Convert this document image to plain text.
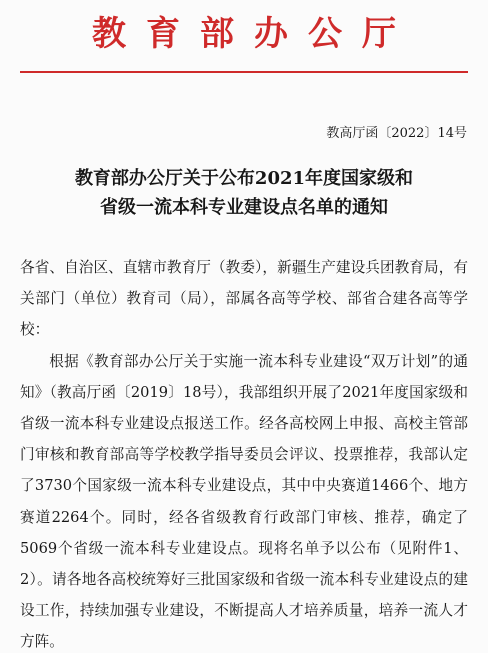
教育部办公厅
教高厅函〔2022〕14号
教育部办公厅关于公布2021年度国家级和
省级一流本科专业建设点名单的通知

各省、自治区、直辖市教育厅（教委），新疆生产建设兵团教育局，有关部门（单位）教育司（局），部属各高等学校、部省合建各高等学校：

根据《教育部办公厅关于实施一流本科专业建设“双万计划”的通知》（教高厅函〔2019〕18号），我部组织开展了2021年度国家级和省级一流本科专业建设点报送工作。经各高校网上申报、高校主管部门审核和教育部高等学校教学指导委员会评议、投票推荐，我部认定了3730个国家级一流本科专业建设点，其中中央赛道1466个、地方赛道2264个。同时，经各省级教育行政部门审核、推荐，确定了5069个省级一流本科专业建设点。现将名单予以公布（见附件1、2）。请各地各高校统筹好三批国家级和省级一流本科专业建设点的建设工作，持续加强专业建设，不断提高人才培养质量，培养一流人才方阵。
